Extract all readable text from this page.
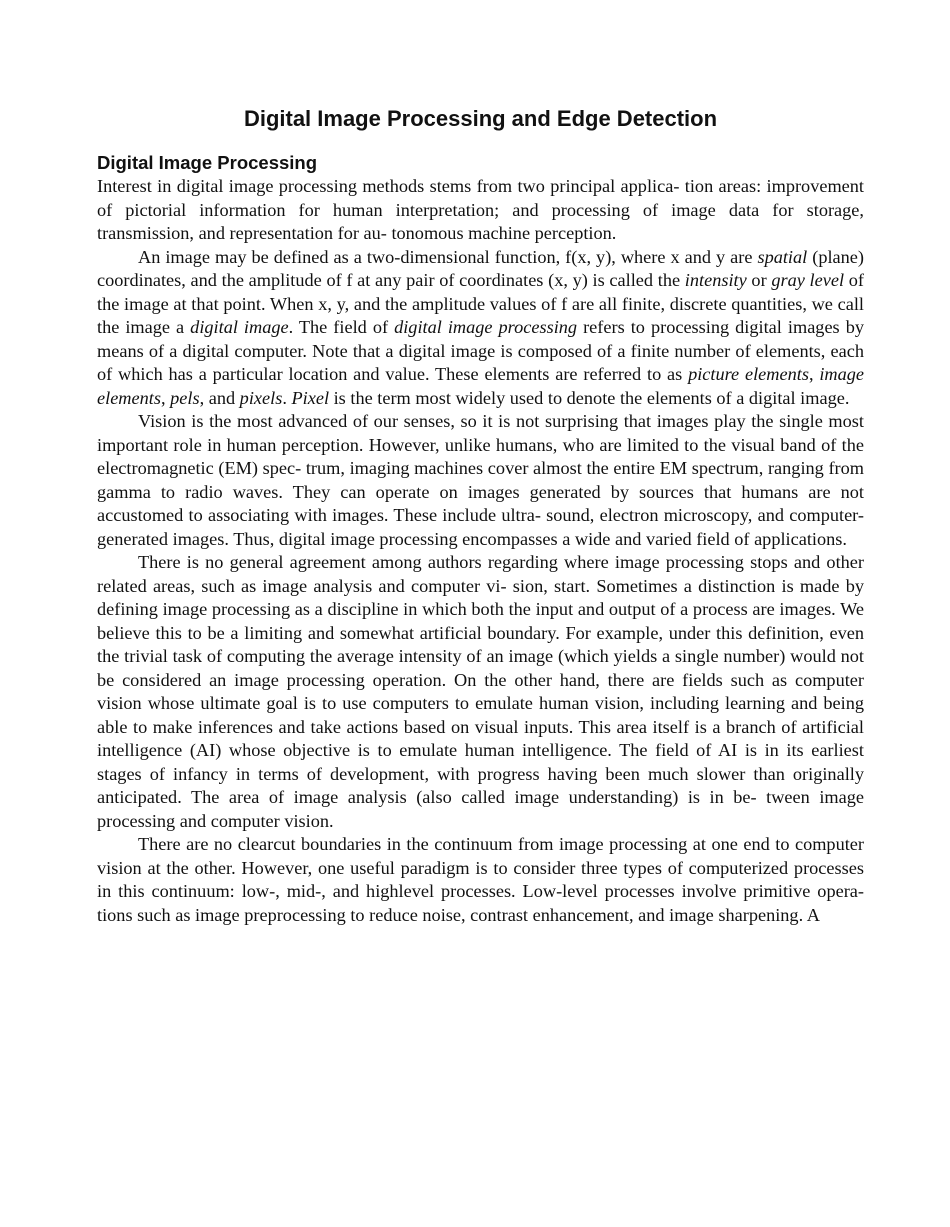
Digital Image Processing and Edge Detection
Digital Image Processing

Interest in digital image processing methods stems from two principal applica- tion areas: improvement of pictorial information for human interpretation; and processing of image data for storage, transmission, and representation for au- tonomous machine perception.

An image may be defined as a two-dimensional function, f(x, y), where x and y are spatial (plane) coordinates, and the amplitude of f at any pair of coordinates (x, y) is called the intensity or gray level of the image at that point. When x, y, and the amplitude values of f are all finite, discrete quantities, we call the image a digital image. The field of digital image processing refers to processing digital images by means of a digital computer. Note that a digital image is composed of a finite number of elements, each of which has a particular location and value. These elements are referred to as picture elements, image elements, pels, and pixels. Pixel is the term most widely used to denote the elements of a digital image.

Vision is the most advanced of our senses, so it is not surprising that images play the single most important role in human perception. However, unlike humans, who are limited to the visual band of the electromagnetic (EM) spec- trum, imaging machines cover almost the entire EM spectrum, ranging from gamma to radio waves. They can operate on images generated by sources that humans are not accustomed to associating with images. These include ultra- sound, electron microscopy, and computer-generated images. Thus, digital image processing encompasses a wide and varied field of applications.

There is no general agreement among authors regarding where image processing stops and other related areas, such as image analysis and computer vi- sion, start. Sometimes a distinction is made by defining image processing as a discipline in which both the input and output of a process are images. We believe this to be a limiting and somewhat artificial boundary. For example, under this definition, even the trivial task of computing the average intensity of an image (which yields a single number) would not be considered an image processing operation. On the other hand, there are fields such as computer vision whose ultimate goal is to use computers to emulate human vision, including learning and being able to make inferences and take actions based on visual inputs. This area itself is a branch of artificial intelligence (AI) whose objective is to emulate human intelligence. The field of AI is in its earliest stages of infancy in terms of development, with progress having been much slower than originally anticipated. The area of image analysis (also called image understanding) is in be- tween image processing and computer vision.

There are no clearcut boundaries in the continuum from image processing at one end to computer vision at the other. However, one useful paradigm is to consider three types of computerized processes in this continuum: low-, mid-, and highlevel processes. Low-level processes involve primitive opera- tions such as image preprocessing to reduce noise, contrast enhancement, and image sharpening. A
